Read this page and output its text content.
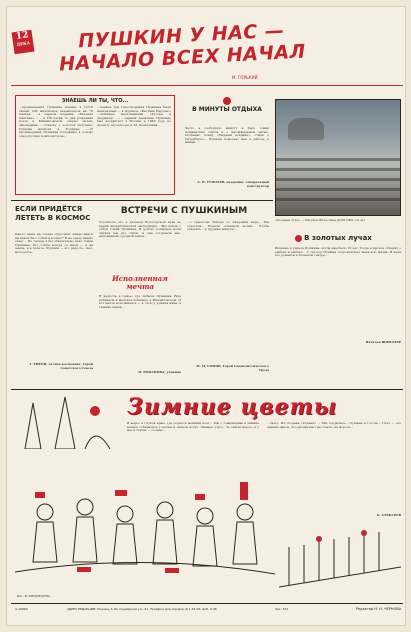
12
ДЕКА	ПУШКИН У НАС — НАЧАЛО ВСЕХ НАЧАЛ
М. ГОРЬКИЙ
ЗНАЕШЬ ЛИ ТЫ, ЧТО...
...произведения Пушкина изданы в СССР свыше 200 миллионов экземпляров на 76 языках; ...в первом издании «Евгения Онегина» ... ...к 150-летию со дня рождения поэта в Михайловском открыт музей-заповедник; ...«Сказку о золотом петушке» Пушкин написал в Болдине; ...15 произведений Пушкина положены в основу опер русских композиторов...
...первые три стихотворения Пушкина были напечатаны ... в журнале «Вестник Европы»; ...любимые мальчишками «Руслан и Людмила» ...; ...первый памятник Пушкину был воздвигнут в Москве в 1880 году по проекту скульптора А. М. Опекушина...
В МИНУТЫ ОТДЫХА
Часто в свободную минуту я беру томик пушкинских стихов и с наслаждением читаю. Особенно поэму «Медный всадник», стихи о Петербурге... Пушкин помогает мне в работе, в жизни.
А. Н. ТУПОЛЕВ, академик, генеральный конструктор
«Осеннее утро» ... Рисунок Вячеслава ДОЛГОВА, 14 лет
ЕСЛИ ПРИДЁТСЯ ЛЕТЕТЬ В КОСМОС
Как-то меня на съезде спросили: какие книги вы взяли бы с собой в космос? Я не сразу нашёл ответ... Но теперь я бы обязательно взял томик Пушкина. Его стихи всегда со мной — и на земле, и в полёте. Пушкин — это радость, свет, молодость...
Г. ТИТОВ, лётчик-космонавт, Герой Советского Союза
ВСТРЕЧИ С ПУШКИНЫМ
Случилось это в далёком Вологодском крае во время антарктической экспедиции... Мы взяли с собой томик Пушкина. В долгие полярные ночи читали мы его стихи, и они согревали нас, напоминали о родной земле...
...с трепетом. Вскоре от Академии наук... Мы ответили... Бокалы осиянной волны... Чтобы отвечать... в трудные минуты...
М. М. СОМОВ, Герой Социалистического Труда
Исполненная мечта
Я выросла в семье, где любили Пушкина. Ещё ребёнком я мечтала побывать в Михайловском. И вот мечта исполнилась — я стою у домика няни, в тишине парка...
Н. РОМАНОВА, ученица
В золотых лучах
Впервые я узнала Пушкина, когда мне было 10 лет. Тогда я прочла «Сказку о рыбаке и рыбке»... С тех пор Пушкин сопровождает меня всю жизнь. Я пела его романсы в Большом театре...
Наталья ШПИЛЛЕР
Зимние цветы
Я вырос в глухом краю, где родился великий поэт... Мы с товарищами в зимние вечера собирались у печки и читали вслух «Зимнее утро». За окном мороз, а у нас в стихах — солнце...
...свету. Их сборник «Родник» ... Мы гордились... Пушкин и Гоголь... Поэт — это зимние цветы, что расцветают на стекле, на морозе...
О. АЛЕКСЕЕВ
Рис. В. МЕДВЕДЕВА
А-10863	АДРЕС РЕДАКЦИИ: Москва, А-30, Сущёвская ул., 21. Телефон для справок Д 1-15-00, доб. 4-36	Зак. 321	Редактор Н. Н. ЧЕРНОВА
